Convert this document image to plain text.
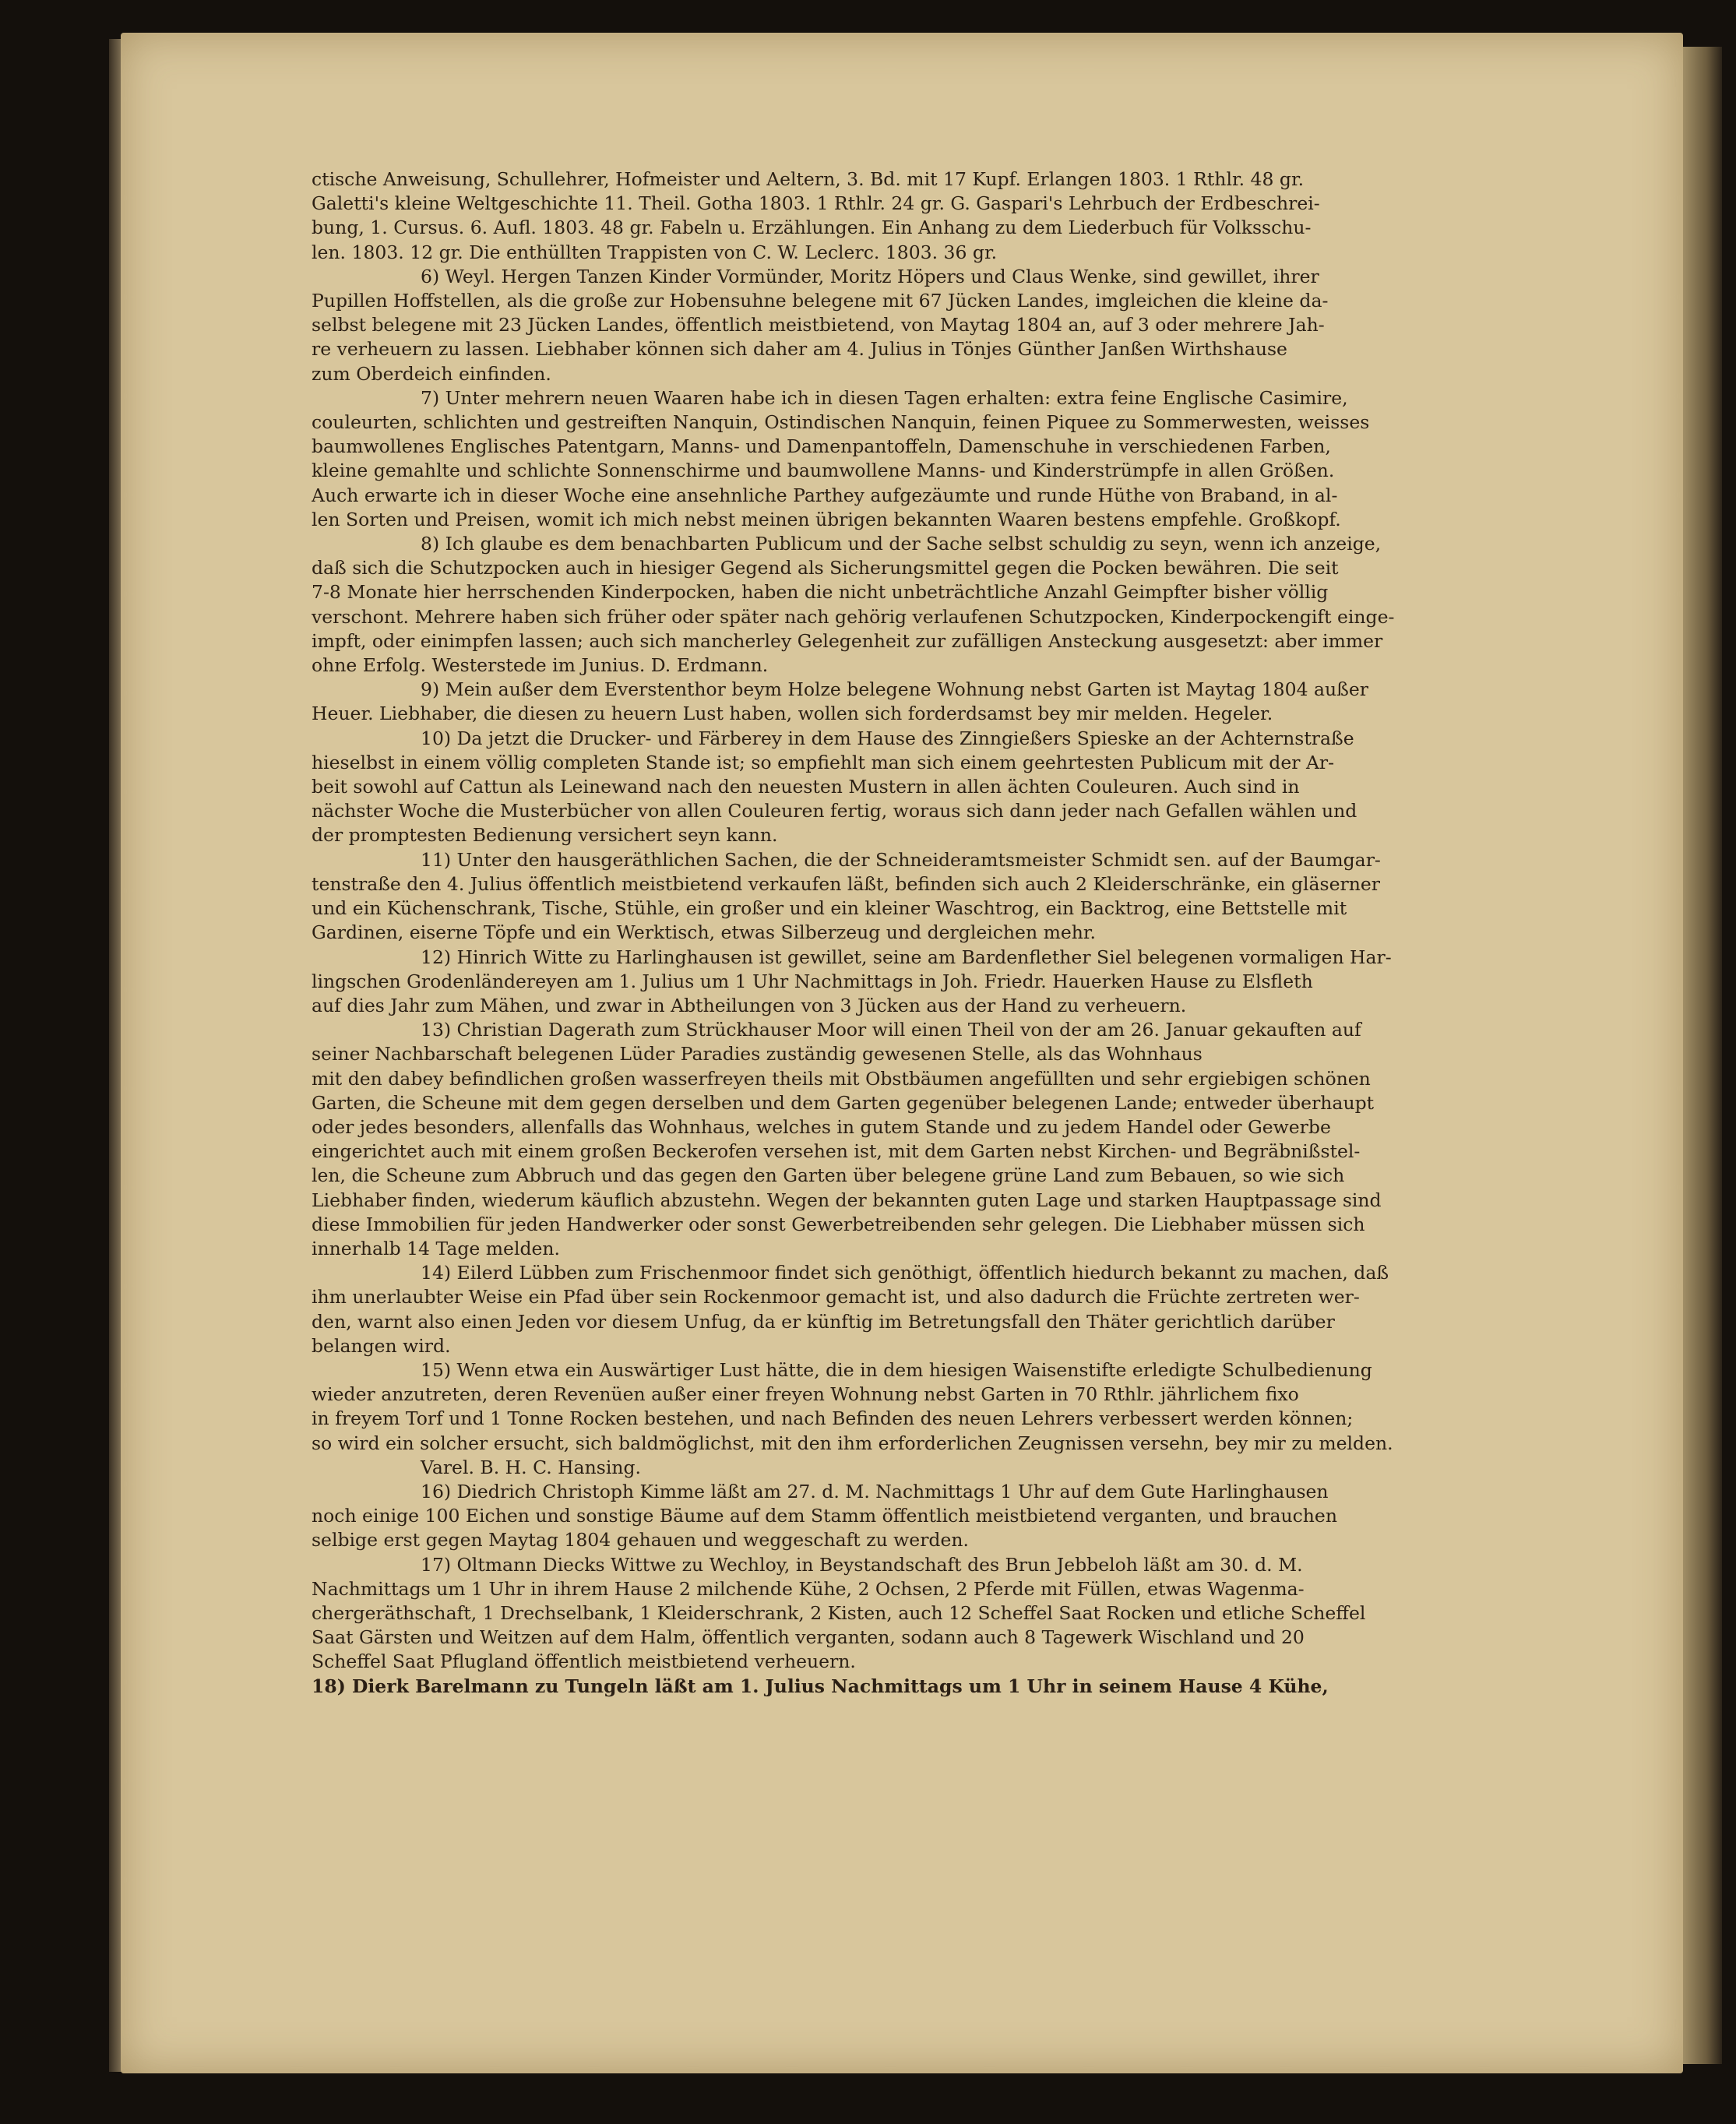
ctische Anweisung, Schullehrer, Hofmeister und Aeltern, 3. Bd. mit 17 Kupf. Erlangen 1803. 1 Rthlr. 48 gr.
Galetti's kleine Weltgeschichte 11. Theil. Gotha 1803. 1 Rthlr. 24 gr. G. Gaspari's Lehrbuch der Erdbeschrei-
bung, 1. Cursus. 6. Aufl. 1803. 48 gr. Fabeln u. Erzählungen. Ein Anhang zu dem Liederbuch für Volksschu-
len. 1803. 12 gr. Die enthüllten Trappisten von C. W. Leclerc. 1803. 36 gr.
6) Weyl. Hergen Tanzen Kinder Vormünder, Moritz Höpers und Claus Wenke, sind gewillet, ihrer
Pupillen Hoffstellen, als die große zur Hobensuhne belegene mit 67 Jücken Landes, imgleichen die kleine da-
selbst belegene mit 23 Jücken Landes, öffentlich meistbietend, von Maytag 1804 an, auf 3 oder mehrere Jah-
re verheuern zu lassen. Liebhaber können sich daher am 4. Julius in Tönjes Günther Janßen Wirthshause
zum Oberdeich einfinden.
7) Unter mehrern neuen Waaren habe ich in diesen Tagen erhalten: extra feine Englische Casimire,
couleurten, schlichten und gestreiften Nanquin, Ostindischen Nanquin, feinen Piquee zu Sommerwesten, weisses
baumwollenes Englisches Patentgarn, Manns- und Damenpantoffeln, Damenschuhe in verschiedenen Farben,
kleine gemahlte und schlichte Sonnenschirme und baumwollene Manns- und Kinderstrümpfe in allen Größen.
Auch erwarte ich in dieser Woche eine ansehnliche Parthey aufgezäumte und runde Hüthe von Braband, in al-
len Sorten und Preisen, womit ich mich nebst meinen übrigen bekannten Waaren bestens empfehle. Großkopf.
8) Ich glaube es dem benachbarten Publicum und der Sache selbst schuldig zu seyn, wenn ich anzeige,
daß sich die Schutzpocken auch in hiesiger Gegend als Sicherungsmittel gegen die Pocken bewähren. Die seit
7-8 Monate hier herrschenden Kinderpocken, haben die nicht unbeträchtliche Anzahl Geimpfter bisher völlig
verschont. Mehrere haben sich früher oder später nach gehörig verlaufenen Schutzpocken, Kinderpockengift einge-
impft, oder einimpfen lassen; auch sich mancherley Gelegenheit zur zufälligen Ansteckung ausgesetzt: aber immer
ohne Erfolg. Westerstede im Junius. D. Erdmann.
9) Mein außer dem Everstenthor beym Holze belegene Wohnung nebst Garten ist Maytag 1804 außer
Heuer. Liebhaber, die diesen zu heuern Lust haben, wollen sich forderdsamst bey mir melden. Hegeler.
10) Da jetzt die Drucker- und Färberey in dem Hause des Zinngießers Spieske an der Achternstraße
hieselbst in einem völlig completen Stande ist; so empfiehlt man sich einem geehrtesten Publicum mit der Ar-
beit sowohl auf Cattun als Leinewand nach den neuesten Mustern in allen ächten Couleuren. Auch sind in
nächster Woche die Musterbücher von allen Couleuren fertig, woraus sich dann jeder nach Gefallen wählen und
der promptesten Bedienung versichert seyn kann.
11) Unter den hausgeräthlichen Sachen, die der Schneideramtsmeister Schmidt sen. auf der Baumgar-
tenstraße den 4. Julius öffentlich meistbietend verkaufen läßt, befinden sich auch 2 Kleiderschränke, ein gläserner
und ein Küchenschrank, Tische, Stühle, ein großer und ein kleiner Waschtrog, ein Backtrog, eine Bettstelle mit
Gardinen, eiserne Töpfe und ein Werktisch, etwas Silberzeug und dergleichen mehr.
12) Hinrich Witte zu Harlinghausen ist gewillet, seine am Bardenflether Siel belegenen vormaligen Har-
lingschen Grodenländereyen am 1. Julius um 1 Uhr Nachmittags in Joh. Friedr. Hauerken Hause zu Elsfleth
auf dies Jahr zum Mähen, und zwar in Abtheilungen von 3 Jücken aus der Hand zu verheuern.
13) Christian Dagerath zum Strückhauser Moor will einen Theil von der am 26. Januar gekauften auf
seiner Nachbarschaft belegenen Lüder Paradies zuständig gewesenen Stelle, als das Wohnhaus
mit den dabey befindlichen großen wasserfreyen theils mit Obstbäumen angefüllten und sehr ergiebigen schönen
Garten, die Scheune mit dem gegen derselben und dem Garten gegenüber belegenen Lande; entweder überhaupt
oder jedes besonders, allenfalls das Wohnhaus, welches in gutem Stande und zu jedem Handel oder Gewerbe
eingerichtet auch mit einem großen Beckerofen versehen ist, mit dem Garten nebst Kirchen- und Begräbnißstel-
len, die Scheune zum Abbruch und das gegen den Garten über belegene grüne Land zum Bebauen, so wie sich
Liebhaber finden, wiederum käuflich abzustehn. Wegen der bekannten guten Lage und starken Hauptpassage sind
diese Immobilien für jeden Handwerker oder sonst Gewerbetreibenden sehr gelegen. Die Liebhaber müssen sich
innerhalb 14 Tage melden.
14) Eilerd Lübben zum Frischenmoor findet sich genöthigt, öffentlich hiedurch bekannt zu machen, daß
ihm unerlaubter Weise ein Pfad über sein Rockenmoor gemacht ist, und also dadurch die Früchte zertreten wer-
den, warnt also einen Jeden vor diesem Unfug, da er künftig im Betretungsfall den Thäter gerichtlich darüber
belangen wird.
15) Wenn etwa ein Auswärtiger Lust hätte, die in dem hiesigen Waisenstifte erledigte Schulbedienung
wieder anzutreten, deren Revenüen außer einer freyen Wohnung nebst Garten in 70 Rthlr. jährlichem fixo
in freyem Torf und 1 Tonne Rocken bestehen, und nach Befinden des neuen Lehrers verbessert werden können;
so wird ein solcher ersucht, sich baldmöglichst, mit den ihm erforderlichen Zeugnissen versehn, bey mir zu melden.
Varel. B. H. C. Hansing.
16) Diedrich Christoph Kimme läßt am 27. d. M. Nachmittags 1 Uhr auf dem Gute Harlinghausen
noch einige 100 Eichen und sonstige Bäume auf dem Stamm öffentlich meistbietend verganten, und brauchen
selbige erst gegen Maytag 1804 gehauen und weggeschaft zu werden.
17) Oltmann Diecks Wittwe zu Wechloy, in Beystandschaft des Brun Jebbeloh läßt am 30. d. M.
Nachmittags um 1 Uhr in ihrem Hause 2 milchende Kühe, 2 Ochsen, 2 Pferde mit Füllen, etwas Wagenma-
chergeräthschaft, 1 Drechselbank, 1 Kleiderschrank, 2 Kisten, auch 12 Scheffel Saat Rocken und etliche Scheffel
Saat Gärsten und Weitzen auf dem Halm, öffentlich verganten, sodann auch 8 Tagewerk Wischland und 20
Scheffel Saat Pflugland öffentlich meistbietend verheuern.
18) Dierk Barelmann zu Tungeln läßt am 1. Julius Nachmittags um 1 Uhr in seinem Hause 4 Kühe,
